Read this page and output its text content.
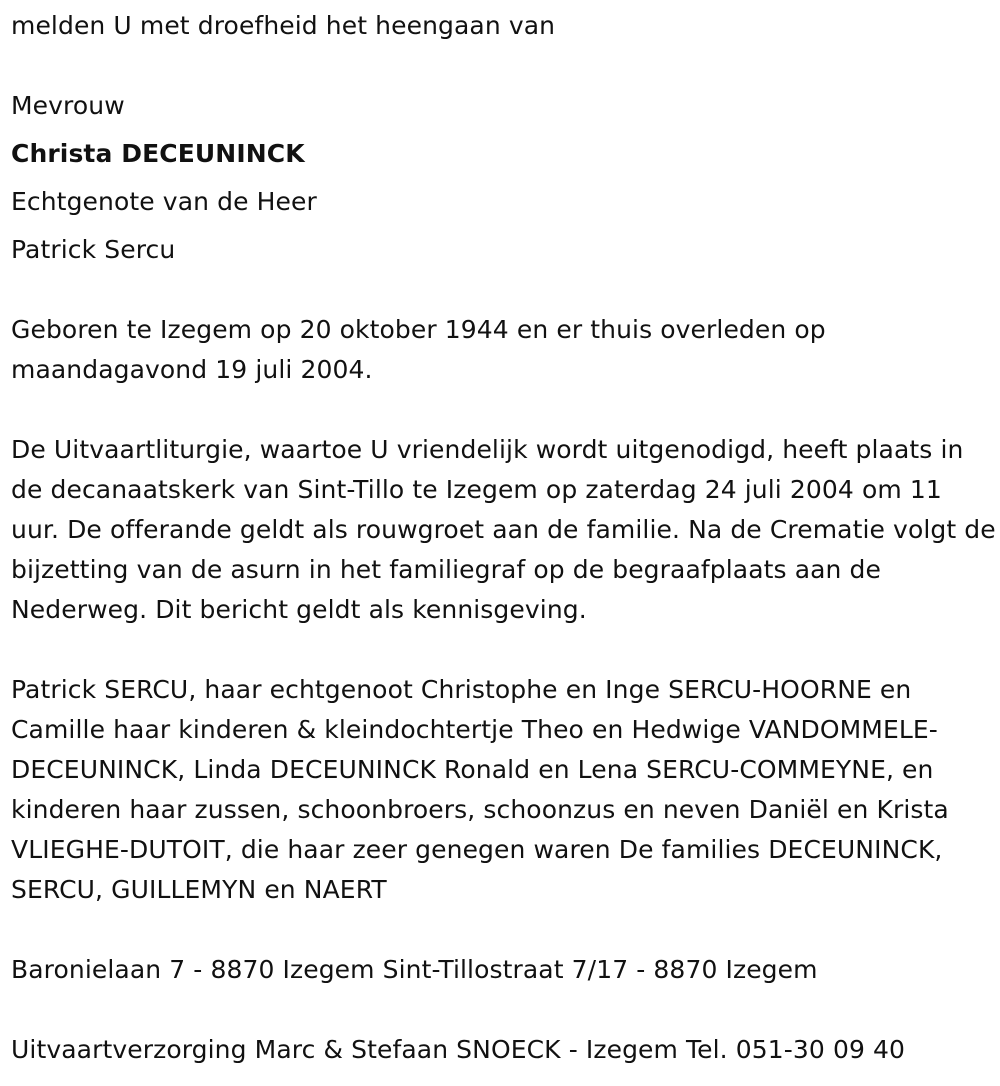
melden U met droefheid het heengaan van

Mevrouw

Christa DECEUNINCK

Echtgenote van de Heer

Patrick Sercu

Geboren te Izegem op 20 oktober 1944 en er thuis overleden op maandagavond 19 juli 2004.

De Uitvaartliturgie, waartoe U vriendelijk wordt uitgenodigd, heeft plaats in de decanaatskerk van Sint-Tillo te Izegem op zaterdag 24 juli 2004 om 11 uur. De offerande geldt als rouwgroet aan de familie. Na de Crematie volgt de bijzetting van de asurn in het familiegraf op de begraafplaats aan de Nederweg. Dit bericht geldt als kennisgeving.

Patrick SERCU, haar echtgenoot Christophe en Inge SERCU-HOORNE en Camille haar kinderen & kleindochtertje Theo en Hedwige VANDOMMELE-DECEUNINCK, Linda DECEUNINCK Ronald en Lena SERCU-COMMEYNE, en kinderen haar zussen, schoonbroers, schoonzus en neven Daniël en Krista VLIEGHE-DUTOIT, die haar zeer genegen waren De families DECEUNINCK, SERCU, GUILLEMYN en NAERT

Baronielaan 7 - 8870 Izegem Sint-Tillostraat 7/17 - 8870 Izegem

Uitvaartverzorging Marc & Stefaan SNOECK - Izegem Tel. 051-30 09 40
